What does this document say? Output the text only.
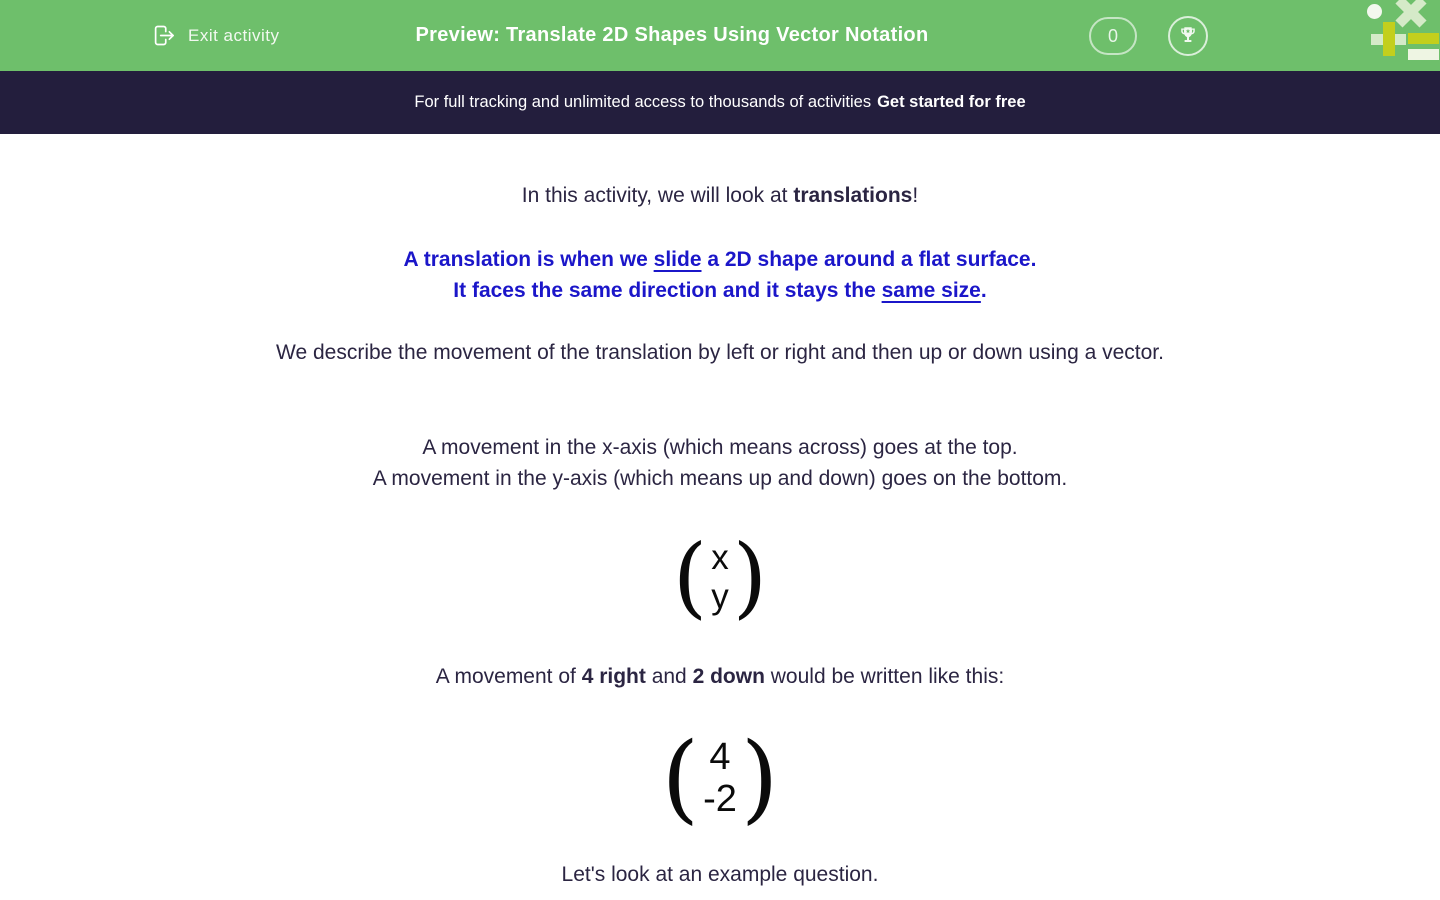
Exit activity	Preview: Translate 2D Shapes Using Vector Notation	0
For full tracking and unlimited access to thousands of activities Get started for free

In this activity, we will look at translations!

A translation is when we slide a 2D shape around a flat surface.
It faces the same direction and it stays the same size.

We describe the movement of the translation by left or right and then up or down using a vector.

A movement in the x-axis (which means across) goes at the top.
A movement in the y-axis (which means up and down) goes on the bottom.

( x
y )

A movement of 4 right and 2 down would be written like this:

( 4
-2 )

Let's look at an example question.
